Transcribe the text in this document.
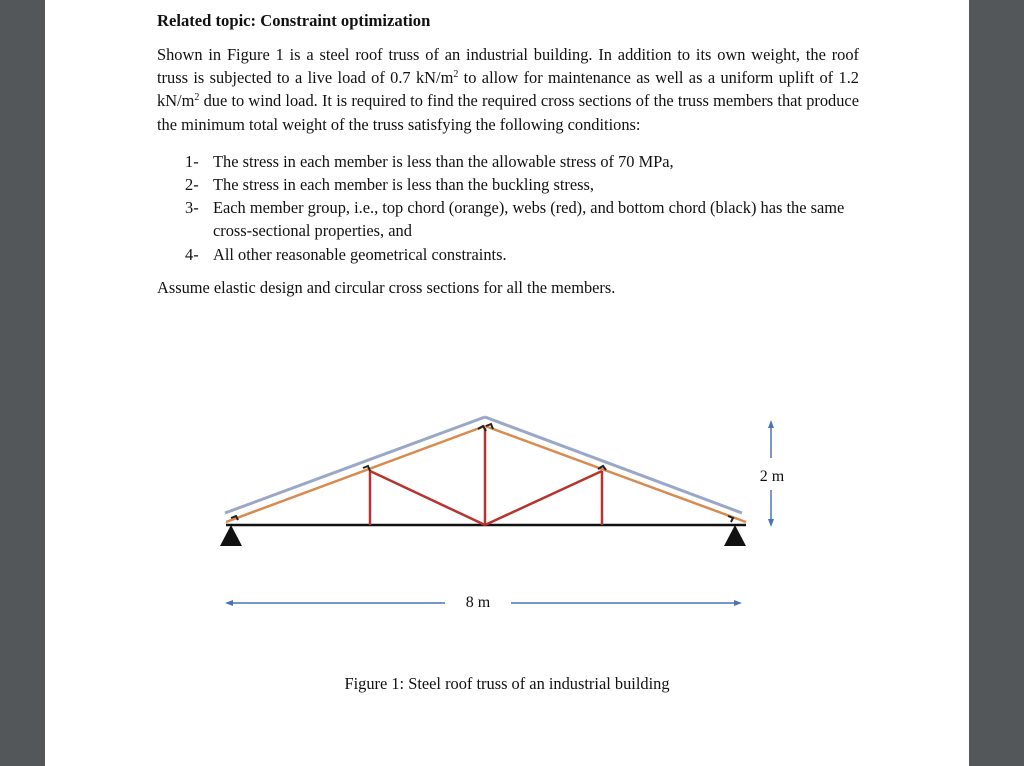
Related topic: Constraint optimization

Shown in Figure 1 is a steel roof truss of an industrial building. In addition to its own weight, the roof truss is subjected to a live load of 0.7 $kN/m^2$ to allow for maintenance as well as a uniform uplift of 1.2 $kN/m^2$ due to wind load. It is required to find the required cross sections of the truss members that produce the minimum total weight of the truss satisfying the following conditions:

1- The stress in each member is less than the allowable stress of 70 MPa,
2- The stress in each member is less than the buckling stress,
3- Each member group, i.e., top chord (orange), webs (red), and bottom chord (black) has the same cross-sectional properties, and
4- All other reasonable geometrical constraints.

Assume elastic design and circular cross sections for all the members.

8 m
2 m
Figure 1: Steel roof truss of an industrial building
